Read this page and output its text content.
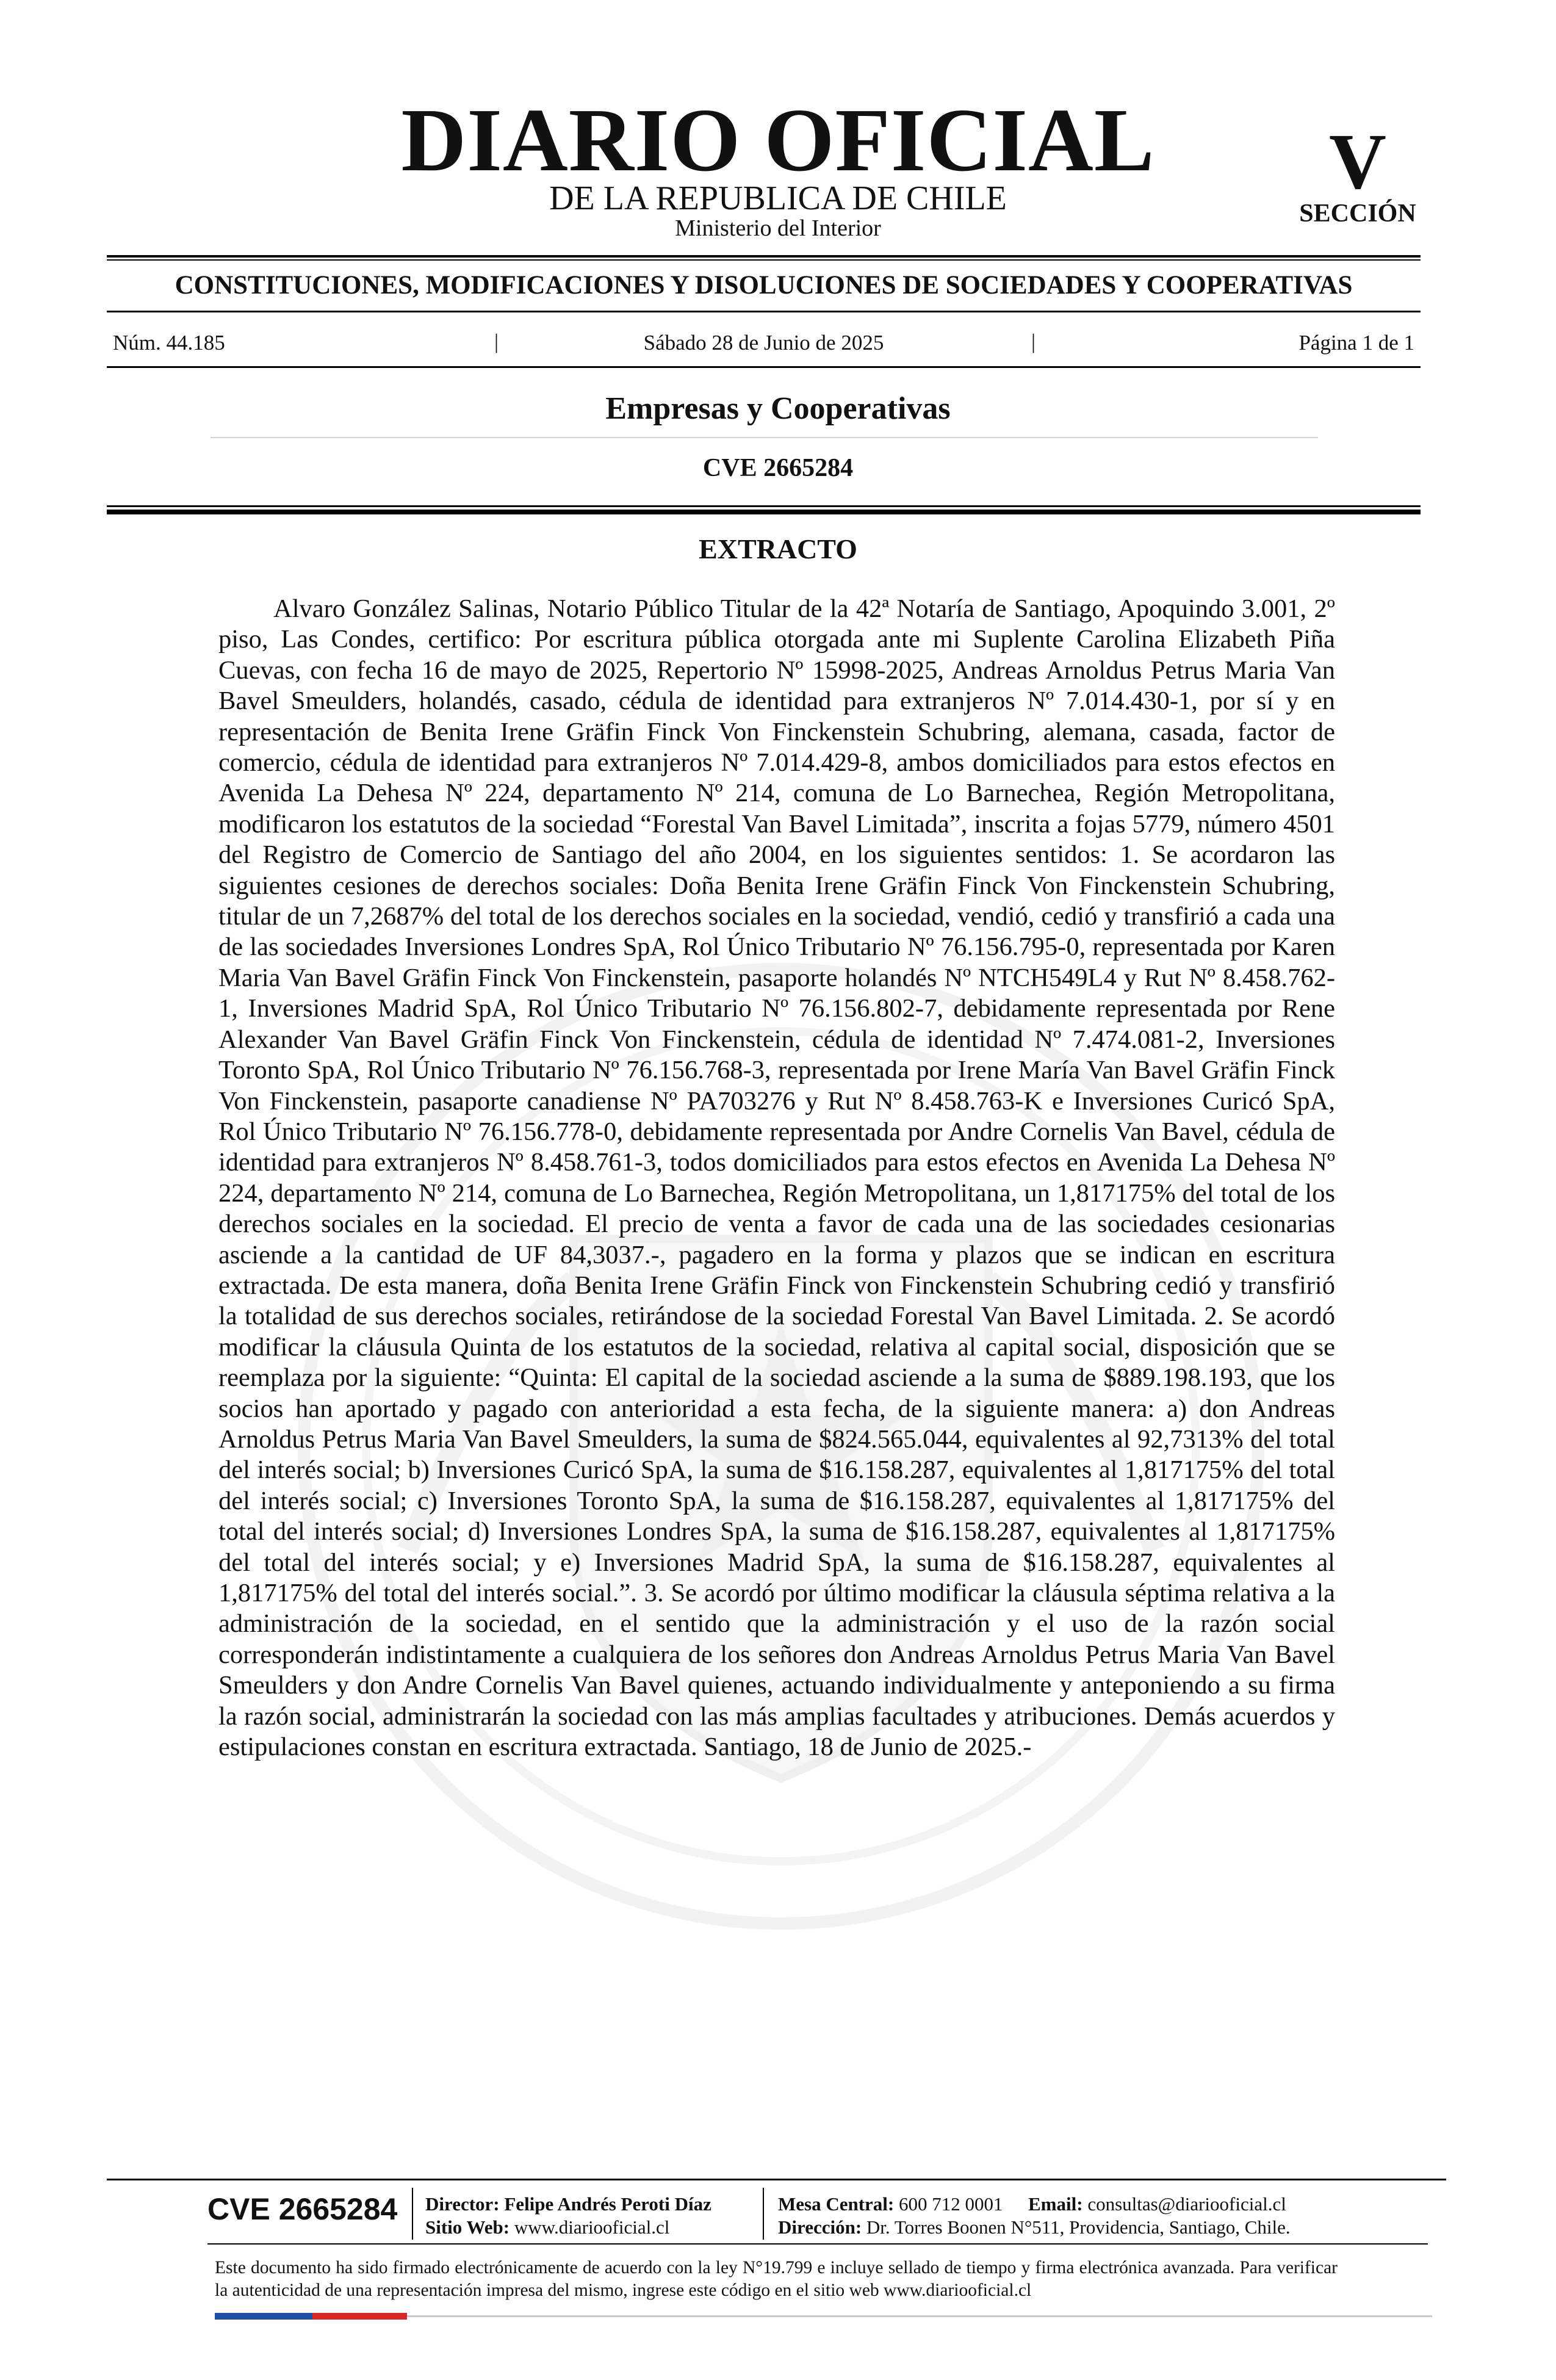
DIARIO OFICIAL
DE LA REPUBLICA DE CHILE
Ministerio del Interior
V
SECCIÓN
CONSTITUCIONES, MODIFICACIONES Y DISOLUCIONES DE SOCIEDADES Y COOPERATIVAS
Núm. 44.185	|	Sábado 28 de Junio de 2025	|	Página 1 de 1
Empresas y Cooperativas
CVE 2665284
EXTRACTO

Alvaro González Salinas, Notario Público Titular de la 42ª Notaría de Santiago, Apoquindo 3.001, 2º piso, Las Condes, certifico: Por escritura pública otorgada ante mi Suplente Carolina Elizabeth Piña Cuevas, con fecha 16 de mayo de 2025, Repertorio Nº 15998-2025, Andreas Arnoldus Petrus Maria Van Bavel Smeulders, holandés, casado, cédula de identidad para extranjeros Nº 7.014.430-1, por sí y en representación de Benita Irene Gräfin Finck Von Finckenstein Schubring, alemana, casada, factor de comercio, cédula de identidad para extranjeros Nº 7.014.429-8, ambos domiciliados para estos efectos en Avenida La Dehesa Nº 224, departamento Nº 214, comuna de Lo Barnechea, Región Metropolitana, modificaron los estatutos de la sociedad “Forestal Van Bavel Limitada”, inscrita a fojas 5779, número 4501 del Registro de Comercio de Santiago del año 2004, en los siguientes sentidos: 1. Se acordaron las siguientes cesiones de derechos sociales: Doña Benita Irene Gräfin Finck Von Finckenstein Schubring, titular de un 7,2687% del total de los derechos sociales en la sociedad, vendió, cedió y transfirió a cada una de las sociedades Inversiones Londres SpA, Rol Único Tributario Nº 76.156.795-0, representada por Karen Maria Van Bavel Gräfin Finck Von Finckenstein, pasaporte holandés Nº NTCH549L4 y Rut Nº 8.458.762-1, Inversiones Madrid SpA, Rol Único Tributario Nº 76.156.802-7, debidamente representada por Rene Alexander Van Bavel Gräfin Finck Von Finckenstein, cédula de identidad Nº 7.474.081-2, Inversiones Toronto SpA, Rol Único Tributario Nº 76.156.768-3, representada por Irene María Van Bavel Gräfin Finck Von Finckenstein, pasaporte canadiense Nº PA703276 y Rut Nº 8.458.763-K e Inversiones Curicó SpA, Rol Único Tributario Nº 76.156.778-0, debidamente representada por Andre Cornelis Van Bavel, cédula de identidad para extranjeros Nº 8.458.761-3, todos domiciliados para estos efectos en Avenida La Dehesa Nº 224, departamento Nº 214, comuna de Lo Barnechea, Región Metropolitana, un 1,817175% del total de los derechos sociales en la sociedad. El precio de venta a favor de cada una de las sociedades cesionarias asciende a la cantidad de UF 84,3037.-, pagadero en la forma y plazos que se indican en escritura extractada. De esta manera, doña Benita Irene Gräfin Finck von Finckenstein Schubring cedió y transfirió la totalidad de sus derechos sociales, retirándose de la sociedad Forestal Van Bavel Limitada. 2. Se acordó modificar la cláusula Quinta de los estatutos de la sociedad, relativa al capital social, disposición que se reemplaza por la siguiente: “Quinta: El capital de la sociedad asciende a la suma de $889.198.193, que los socios han aportado y pagado con anterioridad a esta fecha, de la siguiente manera: a) don Andreas Arnoldus Petrus Maria Van Bavel Smeulders, la suma de $824.565.044, equivalentes al 92,7313% del total del interés social; b) Inversiones Curicó SpA, la suma de $16.158.287, equivalentes al 1,817175% del total del interés social; c) Inversiones Toronto SpA, la suma de $16.158.287, equivalentes al 1,817175% del total del interés social; d) Inversiones Londres SpA, la suma de $16.158.287, equivalentes al 1,817175% del total del interés social; y e) Inversiones Madrid SpA, la suma de $16.158.287, equivalentes al 1,817175% del total del interés social.”. 3. Se acordó por último modificar la cláusula séptima relativa a la administración de la sociedad, en el sentido que la administración y el uso de la razón social corresponderán indistintamente a cualquiera de los señores don Andreas Arnoldus Petrus Maria Van Bavel Smeulders y don Andre Cornelis Van Bavel quienes, actuando individualmente y anteponiendo a su firma la razón social, administrarán la sociedad con las más amplias facultades y atribuciones. Demás acuerdos y estipulaciones constan en escritura extractada. Santiago, 18 de Junio de 2025.-

CVE 2665284 Director: Felipe Andrés Peroti Díaz
Sitio Web: www.diariooficial.cl
Mesa Central: 600 712 0001 Email: consultas@diariooficial.cl
Dirección: Dr. Torres Boonen N°511, Providencia, Santiago, Chile.

Este documento ha sido firmado electrónicamente de acuerdo con la ley N°19.799 e incluye sellado de tiempo y firma electrónica avanzada. Para verificar la autenticidad de una representación impresa del mismo, ingrese este código en el sitio web www.diariooficial.cl
